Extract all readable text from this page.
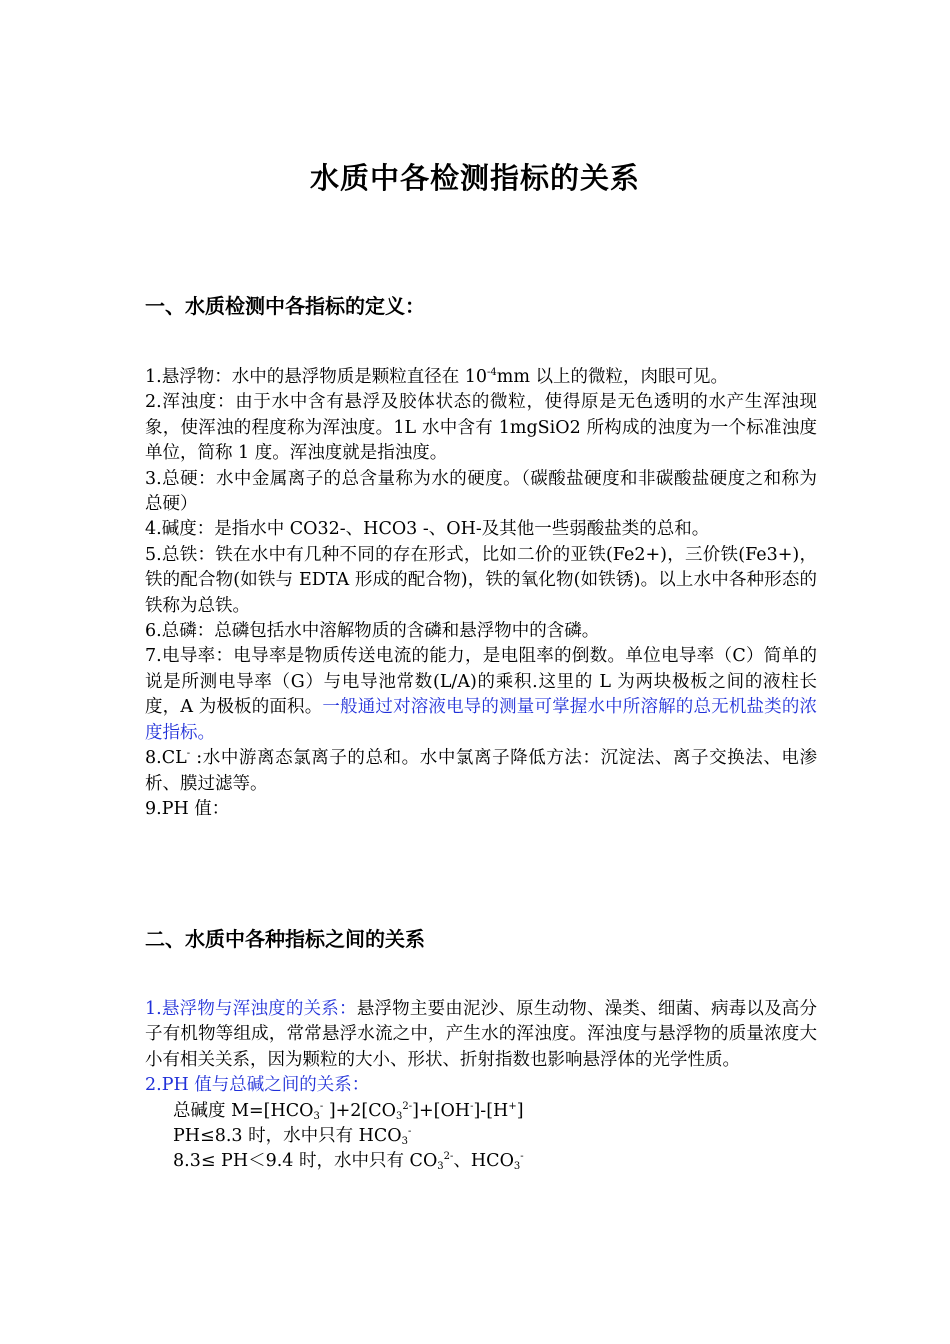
水质中各检测指标的关系
一、水质检测中各指标的定义：

1.悬浮物：水中的悬浮物质是颗粒直径在 $10^{-4}mm$ 以上的微粒，肉眼可见。

2.浑浊度：由于水中含有悬浮及胶体状态的微粒，使得原是无色透明的水产生浑浊现象，使浑浊的程度称为浑浊度。1L 水中含有 1mgSiO2 所构成的浊度为一个标准浊度单位，简称 1 度。浑浊度就是指浊度。

3.总硬：水中金属离子的总含量称为水的硬度。（碳酸盐硬度和非碳酸盐硬度之和称为总硬）

4.碱度：是指水中 CO32-、HCO3 -、OH-及其他一些弱酸盐类的总和。

5.总铁：铁在水中有几种不同的存在形式，比如二价的亚铁(Fe2+)，三价铁(Fe3+)，铁的配合物(如铁与 EDTA 形成的配合物)，铁的氧化物(如铁锈)。以上水中各种形态的铁称为总铁。

6.总磷：总磷包括水中溶解物质的含磷和悬浮物中的含磷。

7.电导率：电导率是物质传送电流的能力，是电阻率的倒数。单位电导率（C）简单的说是所测电导率（G）与电导池常数(L/A)的乘积.这里的 L 为两块极板之间的液柱长度，A 为极板的面积。一般通过对溶液电导的测量可掌握水中所溶解的总无机盐类的浓度指标。

8.CL- :水中游离态氯离子的总和。水中氯离子降低方法：沉淀法、离子交换法、电渗析、膜过滤等。

9.PH 值：

二、水质中各种指标之间的关系

1.悬浮物与浑浊度的关系：悬浮物主要由泥沙、原生动物、澡类、细菌、病毒以及高分子有机物等组成，常常悬浮水流之中，产生水的浑浊度。浑浊度与悬浮物的质量浓度大小有相关关系，因为颗粒的大小、形状、折射指数也影响悬浮体的光学性质。

2.PH 值与总碱之间的关系：

总碱度 $M=[HCO_3^-$ ]$+2[CO_3^{2-}]+[OH^-]-[H^+]$

PH≤8.3 时，水中只有 $HCO_3^-$

8.3≤ PH＜9.4 时，水中只有 $CO_3^{2-}$、$HCO_3^-$
